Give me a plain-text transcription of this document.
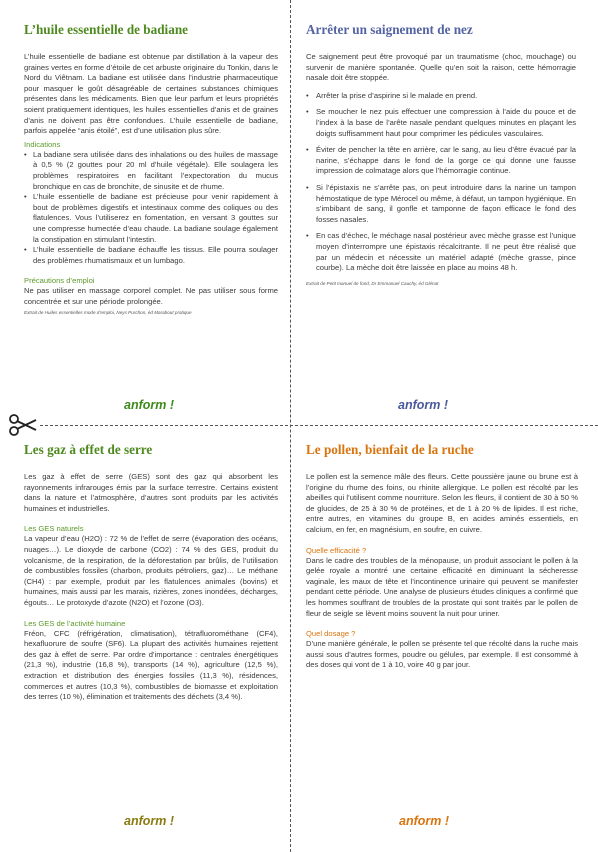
L’huile essentielle de badiane

L’huile essentielle de badiane est obtenue par distillation à la vapeur des graines vertes en forme d’étoile de cet arbuste originaire du Tonkin, dans le Nord du Viêtnam. La badiane est utilisée dans l’industrie pharmaceutique pour masquer le goût désagréable de certaines substances chimiques présentes dans les médicaments. Bien que leur parfum et leurs propriétés soient pratiquement identiques, les huiles essentielles d’anis et de graines d’anis ne doivent pas être confondues. L’huile essentielle de badiane, parfois appelée “anis étoilé”, est d’une utilisation plus sûre.

Indications
• La badiane sera utilisée dans des inhalations ou des huiles de massage à 0,5 % (2 gouttes pour 20 ml d’huile végétale). Elle soulagera les problèmes respiratoires en facilitant l’expectoration du mucus bronchique en cas de bronchite, de sinusite et de rhume.
• L’huile essentielle de badiane est précieuse pour venir rapidement à bout de problèmes digestifs et intestinaux comme des coliques ou des flatulences. Vous l’utiliserez en fomentation, en versant 3 gouttes sur une compresse humectée d’eau chaude. La badiane soulage également la constipation en stimulant l’intestin.
• L’huile essentielle de badiane échauffe les tissus. Elle pourra soulager des problèmes rhumatismaux et un lumbago.
Précautions d’emploi

Ne pas utiliser en massage corporel complet. Ne pas utiliser sous forme concentrée et sur une période prolongée.

Extrait de Huiles essentielles mode d’emploi, Neys Purchon, éd Marabout pratique
anform !
Arrêter un saignement de nez

Ce saignement peut être provoqué par un traumatisme (choc, mouchage) ou survenir de manière spontanée. Quelle qu’en soit la raison, cette hémorragie nasale doit être stoppée.

• Arrêter la prise d’aspirine si le malade en prend.
• Se moucher le nez puis effectuer une compression à l’aide du pouce et de l’index à la base de l’arête nasale pendant quelques minutes en plaçant les doigts suffisamment haut pour comprimer les pédicules vasculaires.
• Éviter de pencher la tête en arrière, car le sang, au lieu d’être évacué par la narine, s’échappe dans le fond de la gorge ce qui donne une fausse impression de colmatage alors que l’hémorragie continue.
• Si l’épistaxis ne s’arrête pas, on peut introduire dans la narine un tampon hémostatique de type Mérocel ou même, à défaut, un tampon hygiénique. En s’imbibant de sang, il gonfle et tamponne de façon efficace le fond des fosses nasales.
• En cas d’échec, le méchage nasal postérieur avec mèche grasse est l’unique moyen d’interrompre une épistaxis récalcitrante. Il ne peut être réalisé que par un médecin et nécessite un matériel adapté (mèche grasse, pince courbe). La mèche doit être laissée en place au moins 48 h.
Extrait de Petit manuel de fond, Dr Emmanuel Cauchy, éd Glénat
anform !
Les gaz à effet de serre

Les gaz à effet de serre (GES) sont des gaz qui absorbent les rayonnements infrarouges émis par la surface terrestre. Certains existent dans la nature et l’atmosphère, d’autres sont produits par les activités humaines et industrielles.

Les GES naturels

La vapeur d’eau (H2O) : 72 % de l’effet de serre (évaporation des océans, nuages…). Le dioxyde de carbone (CO2) : 74 % des GES, produit du volcanisme, de la respiration, de la déforestation par brûlis, de l’utilisation de combustibles fossiles (charbon, produits pétroliers, gaz)… Le méthane (CH4) : par exemple, produit par les flatulences animales (bovins) et humaines, mais aussi par les marais, rizières, zones inondées, décharges, égouts… Le protoxyde d’azote (N2O) et l’ozone (O3).

Les GES de l’activité humaine

Fréon, CFC (réfrigération, climatisation), tétrafluorométhane (CF4), hexafluorure de soufre (SF6). La plupart des activités humaines rejettent des gaz à effet de serre. Par ordre d’importance : centrales énergétiques (21,3 %), industrie (16,8 %), transports (14 %), agriculture (12,5 %), extraction et distribution des énergies fossiles (11,3 %), résidences, commerces et autres (10,3 %), combustibles de biomasse et exploitation des terres (10 %), élimination et traitements des déchets (3,4 %).

anform !
Le pollen, bienfait de la ruche

Le pollen est la semence mâle des fleurs. Cette poussière jaune ou brune est à l’origine du rhume des foins, ou rhinite allergique. Le pollen est récolté par les abeilles qui l’utilisent comme nourriture. Selon les fleurs, il contient de 30 à 50 % de glucides, de 25 à 30 % de protéines, et de 1 à 20 % de lipides. Il est riche, entre autres, en vitamines du groupe B, en acides aminés essentiels, en calcium, en fer, en magnésium, en soufre, en cuivre.

Quelle efficacité ?

Dans le cadre des troubles de la ménopause, un produit associant le pollen à la gelée royale a montré une certaine efficacité en diminuant la sécheresse vaginale, les maux de tête et l’incontinence urinaire qui peuvent se manifester pendant cette période. Une analyse de plusieurs études cliniques a confirmé que les hommes souffrant de troubles de la prostate qui sont traités par le pollen de fleur de seigle se lèvent moins souvent la nuit pour uriner.

Quel dosage ?

D’une manière générale, le pollen se présente tel que récolté dans la ruche mais aussi sous d’autres formes, poudre ou gélules, par exemple. Il est consommé à des doses qui vont de 1 à 10, voire 40 g par jour.

anform !
